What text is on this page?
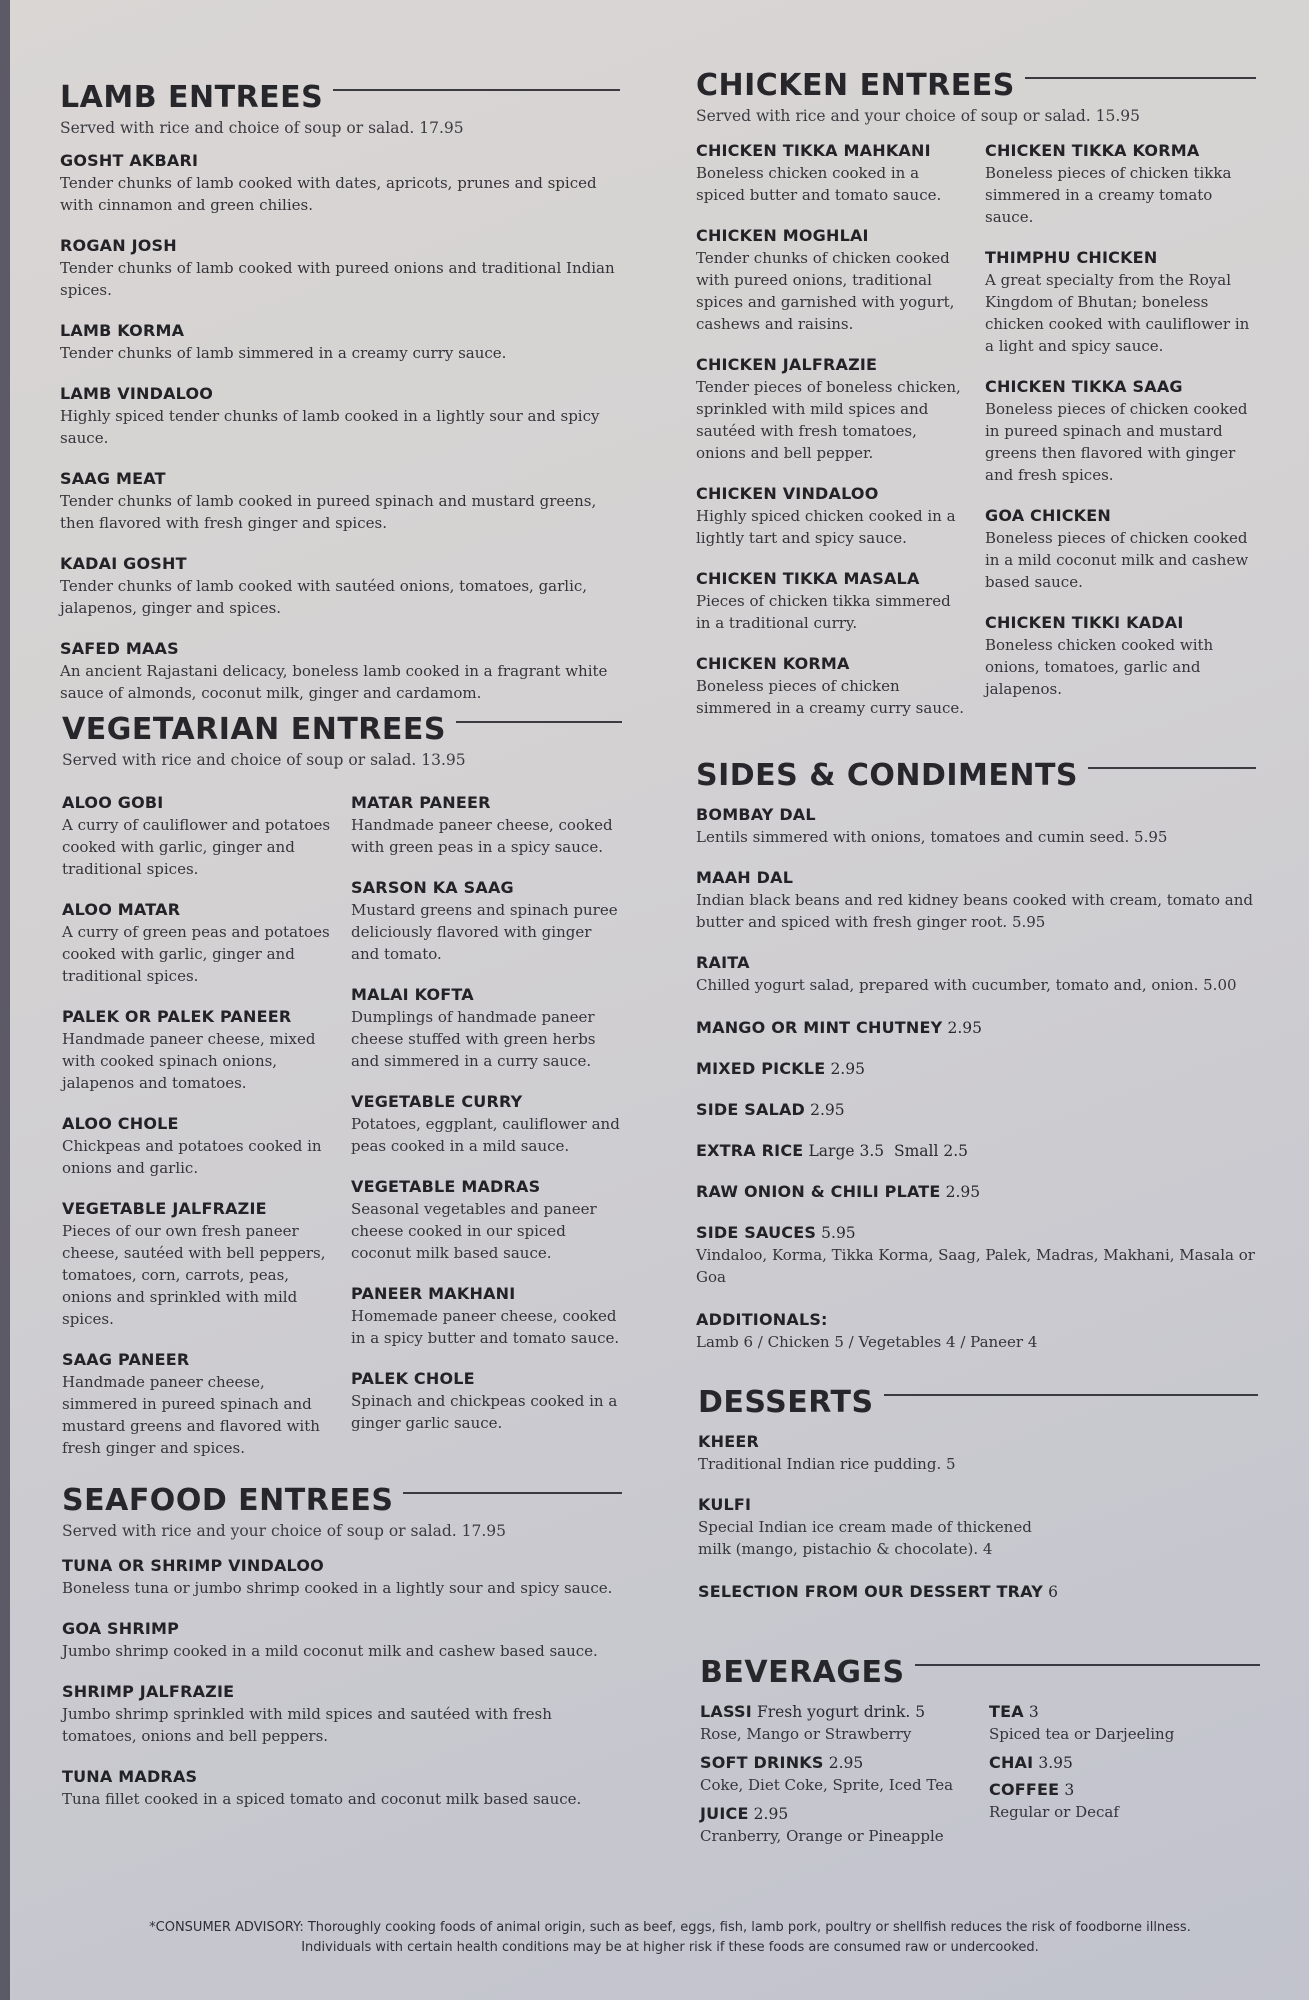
LAMB ENTREES
Served with rice and choice of soup or salad. 17.95
GOSHT AKBARI
Tender chunks of lamb cooked with dates, apricots, prunes and spiced with cinnamon and green chilies.
ROGAN JOSH
Tender chunks of lamb cooked with pureed onions and traditional Indian spices.
LAMB KORMA
Tender chunks of lamb simmered in a creamy curry sauce.
LAMB VINDALOO
Highly spiced tender chunks of lamb cooked in a lightly sour and spicy sauce.
SAAG MEAT
Tender chunks of lamb cooked in pureed spinach and mustard greens, then flavored with fresh ginger and spices.
KADAI GOSHT
Tender chunks of lamb cooked with sautéed onions, tomatoes, garlic, jalapenos, ginger and spices.
SAFED MAAS
An ancient Rajastani delicacy, boneless lamb cooked in a fragrant white sauce of almonds, coconut milk, ginger and cardamom.
VEGETARIAN ENTREES
Served with rice and choice of soup or salad. 13.95
ALOO GOBI
A curry of cauliflower and potatoes cooked with garlic, ginger and traditional spices.
ALOO MATAR
A curry of green peas and potatoes cooked with garlic, ginger and traditional spices.
PALEK OR PALEK PANEER
Handmade paneer cheese, mixed with cooked spinach onions, jalapenos and tomatoes.
ALOO CHOLE
Chickpeas and potatoes cooked in onions and garlic.
VEGETABLE JALFRAZIE
Pieces of our own fresh paneer cheese, sautéed with bell peppers, tomatoes, corn, carrots, peas, onions and sprinkled with mild spices.
SAAG PANEER
Handmade paneer cheese, simmered in pureed spinach and mustard greens and flavored with fresh ginger and spices.
MATAR PANEER
Handmade paneer cheese, cooked with green peas in a spicy sauce.
SARSON KA SAAG
Mustard greens and spinach puree deliciously flavored with ginger and tomato.
MALAI KOFTA
Dumplings of handmade paneer cheese stuffed with green herbs and simmered in a curry sauce.
VEGETABLE CURRY
Potatoes, eggplant, cauliflower and peas cooked in a mild sauce.
VEGETABLE MADRAS
Seasonal vegetables and paneer cheese cooked in our spiced coconut milk based sauce.
PANEER MAKHANI
Homemade paneer cheese, cooked in a spicy butter and tomato sauce.
PALEK CHOLE
Spinach and chickpeas cooked in a ginger garlic sauce.
SEAFOOD ENTREES
Served with rice and your choice of soup or salad. 17.95
TUNA OR SHRIMP VINDALOO
Boneless tuna or jumbo shrimp cooked in a lightly sour and spicy sauce.
GOA SHRIMP
Jumbo shrimp cooked in a mild coconut milk and cashew based sauce.
SHRIMP JALFRAZIE
Jumbo shrimp sprinkled with mild spices and sautéed with fresh tomatoes, onions and bell peppers.
TUNA MADRAS
Tuna fillet cooked in a spiced tomato and coconut milk based sauce.
CHICKEN ENTREES
Served with rice and your choice of soup or salad. 15.95
CHICKEN TIKKA MAHKANI
Boneless chicken cooked in a spiced butter and tomato sauce.
CHICKEN MOGHLAI
Tender chunks of chicken cooked with pureed onions, traditional spices and garnished with yogurt, cashews and raisins.
CHICKEN JALFRAZIE
Tender pieces of boneless chicken, sprinkled with mild spices and sautéed with fresh tomatoes, onions and bell pepper.
CHICKEN VINDALOO
Highly spiced chicken cooked in a lightly tart and spicy sauce.
CHICKEN TIKKA MASALA
Pieces of chicken tikka simmered in a traditional curry.
CHICKEN KORMA
Boneless pieces of chicken simmered in a creamy curry sauce.
CHICKEN TIKKA KORMA
Boneless pieces of chicken tikka simmered in a creamy tomato sauce.
THIMPHU CHICKEN
A great specialty from the Royal Kingdom of Bhutan; boneless chicken cooked with cauliflower in a light and spicy sauce.
CHICKEN TIKKA SAAG
Boneless pieces of chicken cooked in pureed spinach and mustard greens then flavored with ginger and fresh spices.
GOA CHICKEN
Boneless pieces of chicken cooked in a mild coconut milk and cashew based sauce.
CHICKEN TIKKI KADAI
Boneless chicken cooked with onions, tomatoes, garlic and jalapenos.
SIDES & CONDIMENTS
BOMBAY DAL
Lentils simmered with onions, tomatoes and cumin seed. 5.95
MAAH DAL
Indian black beans and red kidney beans cooked with cream, tomato and butter and spiced with fresh ginger root. 5.95
RAITA
Chilled yogurt salad, prepared with cucumber, tomato and, onion. 5.00
MANGO OR MINT CHUTNEY 2.95
MIXED PICKLE 2.95
SIDE SALAD 2.95
EXTRA RICE Large 3.5  Small 2.5
RAW ONION & CHILI PLATE 2.95
SIDE SAUCES 5.95
Vindaloo, Korma, Tikka Korma, Saag, Palek, Madras, Makhani, Masala or Goa
ADDITIONALS:
Lamb 6 / Chicken 5 / Vegetables 4 / Paneer 4
DESSERTS
KHEER
Traditional Indian rice pudding. 5
KULFI
Special Indian ice cream made of thickened milk (mango, pistachio & chocolate). 4
SELECTION FROM OUR DESSERT TRAY 6
BEVERAGES
LASSI Fresh yogurt drink. 5
Rose, Mango or Strawberry
SOFT DRINKS 2.95
Coke, Diet Coke, Sprite, Iced Tea
JUICE 2.95
Cranberry, Orange or Pineapple
TEA 3
Spiced tea or Darjeeling
CHAI 3.95
COFFEE 3
Regular or Decaf
*CONSUMER ADVISORY: Thoroughly cooking foods of animal origin, such as beef, eggs, fish, lamb pork, poultry or shellfish reduces the risk of foodborne illness.
Individuals with certain health conditions may be at higher risk if these foods are consumed raw or undercooked.
